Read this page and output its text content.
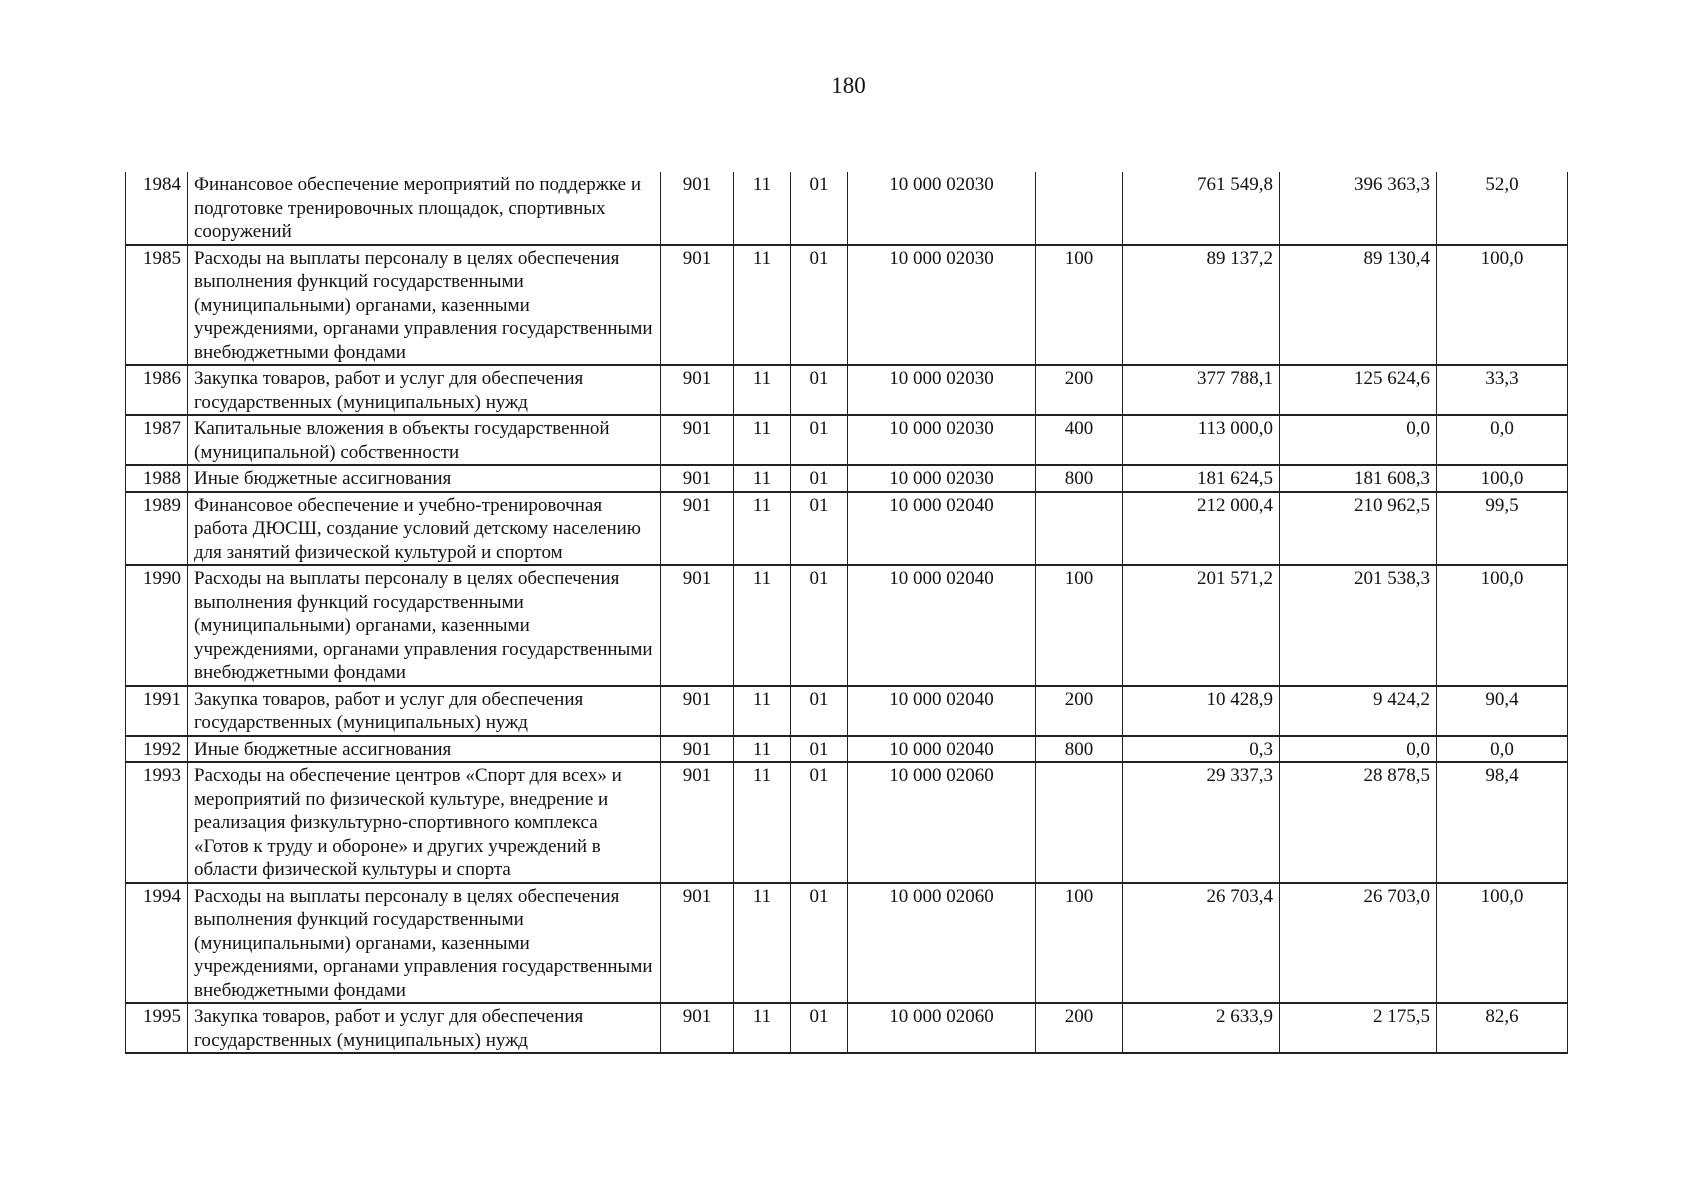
180
1984	Финансовое обеспечение мероприятий по поддержке и подготовке тренировочных площадок, спортивных сооружений	901	11	01	10 000 02030		761 549,8	396 363,3	52,0
1985	Расходы на выплаты персоналу в целях обеспечения выполнения функций государственными (муниципальными) органами, казенными учреждениями, органами управления государственными внебюджетными фондами	901	11	01	10 000 02030	100	89 137,2	89 130,4	100,0
1986	Закупка товаров, работ и услуг для обеспечения государственных (муниципальных) нужд	901	11	01	10 000 02030	200	377 788,1	125 624,6	33,3
1987	Капитальные вложения в объекты государственной (муниципальной) собственности	901	11	01	10 000 02030	400	113 000,0	0,0	0,0
1988	Иные бюджетные ассигнования	901	11	01	10 000 02030	800	181 624,5	181 608,3	100,0
1989	Финансовое обеспечение и учебно-тренировочная работа ДЮСШ, создание условий детскому населению для занятий физической культурой и спортом	901	11	01	10 000 02040		212 000,4	210 962,5	99,5
1990	Расходы на выплаты персоналу в целях обеспечения выполнения функций государственными (муниципальными) органами, казенными учреждениями, органами управления государственными внебюджетными фондами	901	11	01	10 000 02040	100	201 571,2	201 538,3	100,0
1991	Закупка товаров, работ и услуг для обеспечения государственных (муниципальных) нужд	901	11	01	10 000 02040	200	10 428,9	9 424,2	90,4
1992	Иные бюджетные ассигнования	901	11	01	10 000 02040	800	0,3	0,0	0,0
1993	Расходы на обеспечение центров «Спорт для всех» и мероприятий по физической культуре, внедрение и реализация физкультурно-спортивного комплекса «Готов к труду и обороне» и других учреждений в области физической культуры и спорта	901	11	01	10 000 02060		29 337,3	28 878,5	98,4
1994	Расходы на выплаты персоналу в целях обеспечения выполнения функций государственными (муниципальными) органами, казенными учреждениями, органами управления государственными внебюджетными фондами	901	11	01	10 000 02060	100	26 703,4	26 703,0	100,0
1995	Закупка товаров, работ и услуг для обеспечения государственных (муниципальных) нужд	901	11	01	10 000 02060	200	2 633,9	2 175,5	82,6
